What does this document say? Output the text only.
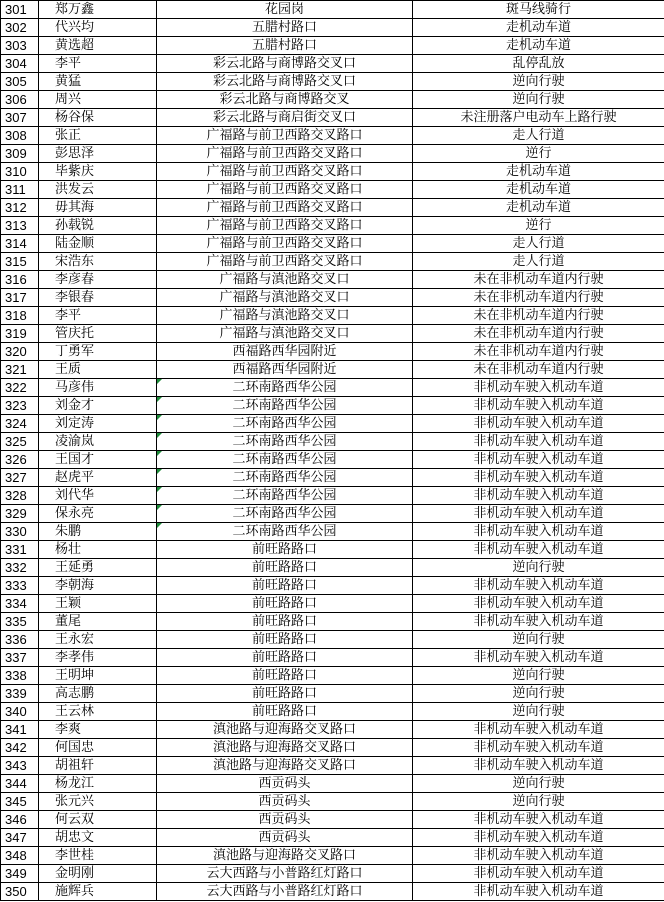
301	郑万鑫	花园岗	斑马线骑行
302	代兴均	五腊村路口	走机动车道
303	黄选超	五腊村路口	走机动车道
304	李平	彩云北路与商博路交叉口	乱停乱放
305	黄猛	彩云北路与商博路交叉口	逆向行驶
306	周兴	彩云北路与商博路交叉	逆向行驶
307	杨谷保	彩云北路与商启街交叉口	未注册落户电动车上路行驶
308	张正	广福路与前卫西路交叉路口	走人行道
309	彭思泽	广福路与前卫西路交叉路口	逆行
310	毕紫庆	广福路与前卫西路交叉路口	走机动车道
311	洪发云	广福路与前卫西路交叉路口	走机动车道
312	毋其海	广福路与前卫西路交叉路口	走机动车道
313	孙载锐	广福路与前卫西路交叉路口	逆行
314	陆金顺	广福路与前卫西路交叉路口	走人行道
315	宋浩东	广福路与前卫西路交叉路口	走人行道
316	李彦春	广福路与滇池路交叉口	未在非机动车道内行驶
317	李银春	广福路与滇池路交叉口	未在非机动车道内行驶
318	李平	广福路与滇池路交叉口	未在非机动车道内行驶
319	管庆托	广福路与滇池路交叉口	未在非机动车道内行驶
320	丁勇军	西福路西华园附近	未在非机动车道内行驶
321	王质	西福路西华园附近	未在非机动车道内行驶
322	马彦伟	二环南路西华公园	非机动车驶入机动车道
323	刘金才	二环南路西华公园	非机动车驶入机动车道
324	刘定涛	二环南路西华公园	非机动车驶入机动车道
325	凌渝岚	二环南路西华公园	非机动车驶入机动车道
326	王国才	二环南路西华公园	非机动车驶入机动车道
327	赵虎平	二环南路西华公园	非机动车驶入机动车道
328	刘代华	二环南路西华公园	非机动车驶入机动车道
329	保永亮	二环南路西华公园	非机动车驶入机动车道
330	朱鹏	二环南路西华公园	非机动车驶入机动车道
331	杨壮	前旺路路口	非机动车驶入机动车道
332	王延勇	前旺路路口	逆向行驶
333	李朝海	前旺路路口	非机动车驶入机动车道
334	王颖	前旺路路口	非机动车驶入机动车道
335	董尾	前旺路路口	非机动车驶入机动车道
336	王永宏	前旺路路口	逆向行驶
337	李孝伟	前旺路路口	非机动车驶入机动车道
338	王明坤	前旺路路口	逆向行驶
339	高志鹏	前旺路路口	逆向行驶
340	王云林	前旺路路口	逆向行驶
341	李爽	滇池路与迎海路交叉路口	非机动车驶入机动车道
342	何国忠	滇池路与迎海路交叉路口	非机动车驶入机动车道
343	胡祖轩	滇池路与迎海路交叉路口	非机动车驶入机动车道
344	杨龙江	西贡码头	逆向行驶
345	张元兴	西贡码头	逆向行驶
346	何云双	西贡码头	非机动车驶入机动车道
347	胡忠文	西贡码头	非机动车驶入机动车道
348	李世桂	滇池路与迎海路交叉路口	非机动车驶入机动车道
349	金明刚	云大西路与小普路红灯路口	非机动车驶入机动车道
350	施辉兵	云大西路与小普路红灯路口	非机动车驶入机动车道
